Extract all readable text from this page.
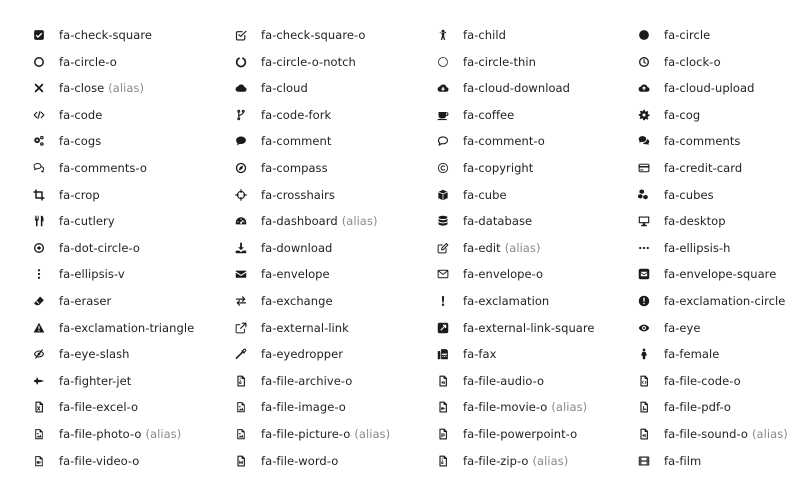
fa-check-square	fa-check-square-o	fa-child	fa-circle
fa-circle-o	fa-circle-o-notch	fa-circle-thin	fa-clock-o
fa-close (alias)	fa-cloud	fa-cloud-download	fa-cloud-upload
fa-code	fa-code-fork	fa-coffee	fa-cog
fa-cogs	fa-comment	fa-comment-o	fa-comments
fa-comments-o	fa-compass	fa-copyright	fa-credit-card
fa-crop	fa-crosshairs	fa-cube	fa-cubes
fa-cutlery	fa-dashboard (alias)	fa-database	fa-desktop
fa-dot-circle-o	fa-download	fa-edit (alias)	fa-ellipsis-h
fa-ellipsis-v	fa-envelope	fa-envelope-o	fa-envelope-square
fa-eraser	fa-exchange	fa-exclamation	fa-exclamation-circle
fa-exclamation-triangle	fa-external-link	fa-external-link-square	fa-eye
fa-eye-slash	fa-eyedropper	fa-fax	fa-female
fa-fighter-jet	fa-file-archive-o	fa-file-audio-o	fa-file-code-o
fa-file-excel-o	fa-file-image-o	fa-file-movie-o (alias)	fa-file-pdf-o
fa-file-photo-o (alias)	fa-file-picture-o (alias)	fa-file-powerpoint-o	fa-file-sound-o (alias)
fa-file-video-o	fa-file-word-o	fa-file-zip-o (alias)	fa-film
